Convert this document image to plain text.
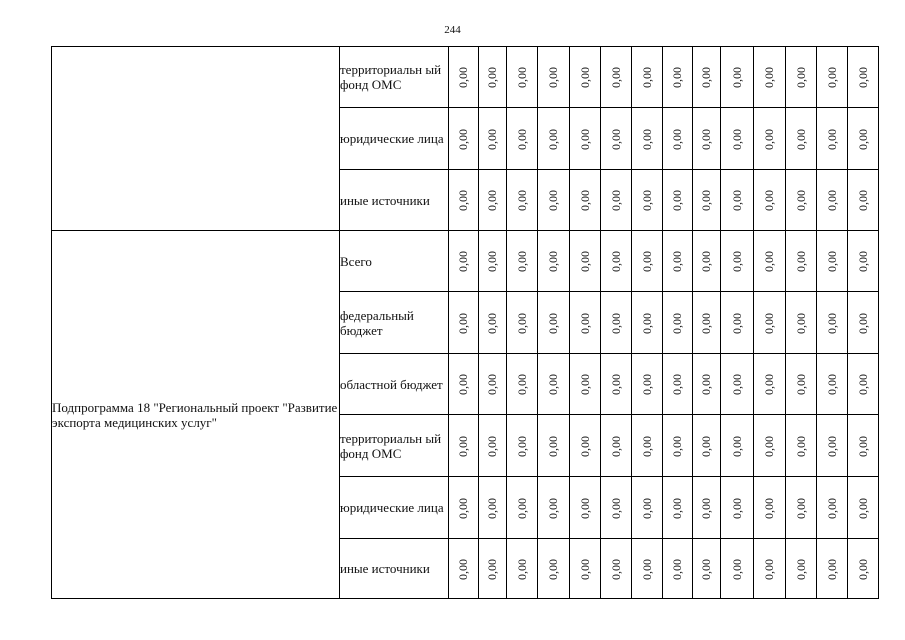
244
	территориальн ый фонд ОМС	0,00	0,00	0,00	0,00	0,00	0,00	0,00	0,00	0,00	0,00	0,00	0,00	0,00	0,00
	юридические лица	0,00	0,00	0,00	0,00	0,00	0,00	0,00	0,00	0,00	0,00	0,00	0,00	0,00	0,00
	иные источники	0,00	0,00	0,00	0,00	0,00	0,00	0,00	0,00	0,00	0,00	0,00	0,00	0,00	0,00
Подпрограмма 18 "Региональный проект "Развитие экспорта медицинских услуг"	Всего	0,00	0,00	0,00	0,00	0,00	0,00	0,00	0,00	0,00	0,00	0,00	0,00	0,00	0,00
	федеральный бюджет	0,00	0,00	0,00	0,00	0,00	0,00	0,00	0,00	0,00	0,00	0,00	0,00	0,00	0,00
	областной бюджет	0,00	0,00	0,00	0,00	0,00	0,00	0,00	0,00	0,00	0,00	0,00	0,00	0,00	0,00
	территориальн ый фонд ОМС	0,00	0,00	0,00	0,00	0,00	0,00	0,00	0,00	0,00	0,00	0,00	0,00	0,00	0,00
	юридические лица	0,00	0,00	0,00	0,00	0,00	0,00	0,00	0,00	0,00	0,00	0,00	0,00	0,00	0,00
	иные источники	0,00	0,00	0,00	0,00	0,00	0,00	0,00	0,00	0,00	0,00	0,00	0,00	0,00	0,00
